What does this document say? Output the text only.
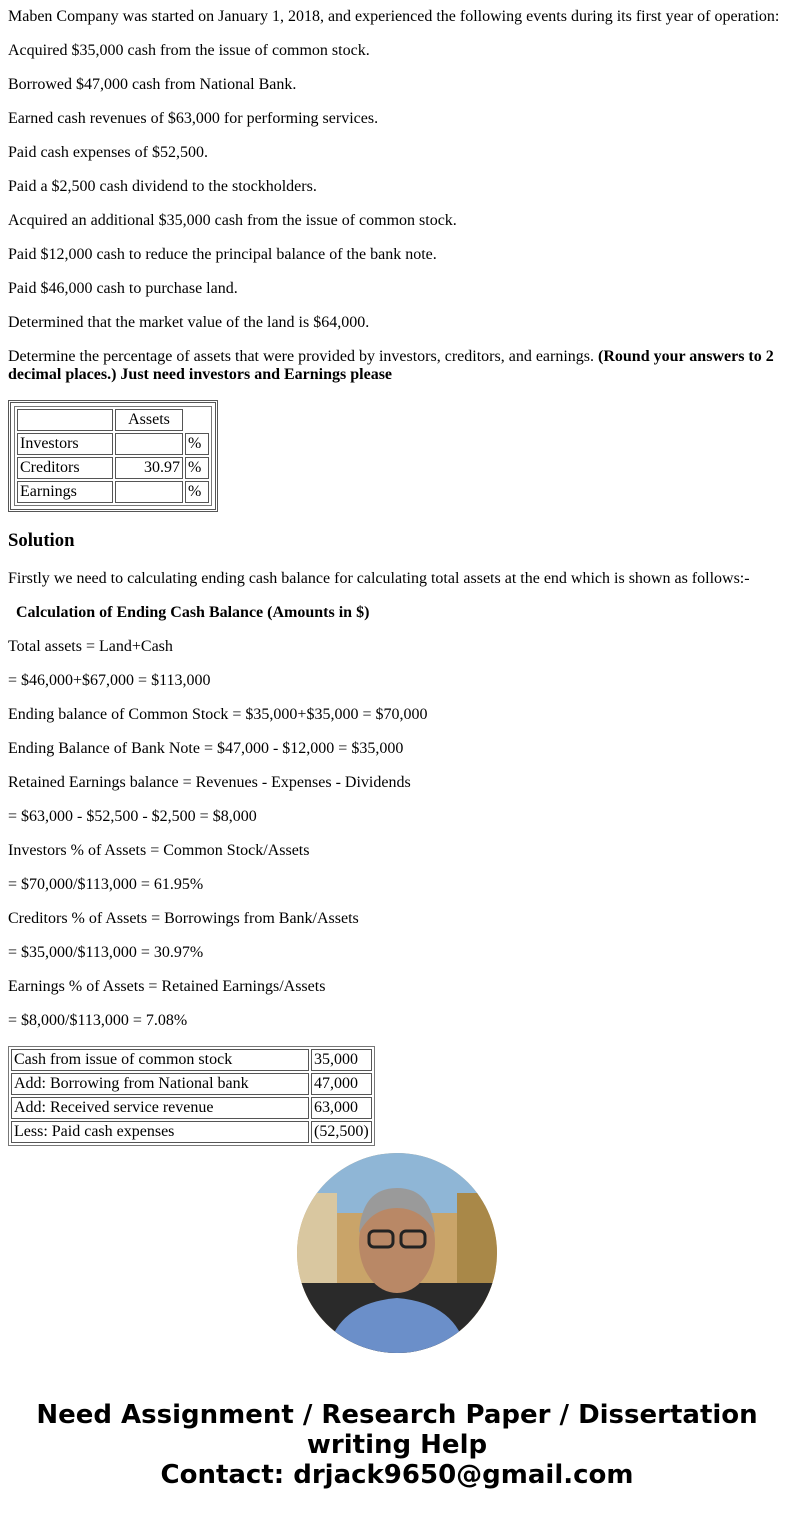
Maben Company was started on January 1, 2018, and experienced the following events during its first year of operation:

Acquired $35,000 cash from the issue of common stock.

Borrowed $47,000 cash from National Bank.

Earned cash revenues of $63,000 for performing services.

Paid cash expenses of $52,500.

Paid a $2,500 cash dividend to the stockholders.

Acquired an additional $35,000 cash from the issue of common stock.

Paid $12,000 cash to reduce the principal balance of the bank note.

Paid $46,000 cash to purchase land.

Determined that the market value of the land is $64,000.

Determine the percentage of assets that were provided by investors, creditors, and earnings. (Round your answers to 2 decimal places.) Just need investors and Earnings please

	Assets	
Investors		%
Creditors	30.97	%
Earnings		%
Solution

Firstly we need to calculating ending cash balance for calculating total assets at the end which is shown as follows:-

Calculation of Ending Cash Balance (Amounts in $)

Total assets = Land+Cash

= $46,000+$67,000 = $113,000

Ending balance of Common Stock = $35,000+$35,000 = $70,000

Ending Balance of Bank Note = $47,000 - $12,000 = $35,000

Retained Earnings balance = Revenues - Expenses - Dividends

= $63,000 - $52,500 - $2,500 = $8,000

Investors % of Assets = Common Stock/Assets

= $70,000/$113,000 = 61.95%

Creditors % of Assets = Borrowings from Bank/Assets

= $35,000/$113,000 = 30.97%

Earnings % of Assets = Retained Earnings/Assets

= $8,000/$113,000 = 7.08%

Cash from issue of common stock	35,000
Add: Borrowing from National bank	47,000
Add: Received service revenue	63,000
Less: Paid cash expenses	(52,500)
Need Assignment / Research Paper / Dissertation writing Help
Contact: drjack9650@gmail.com
